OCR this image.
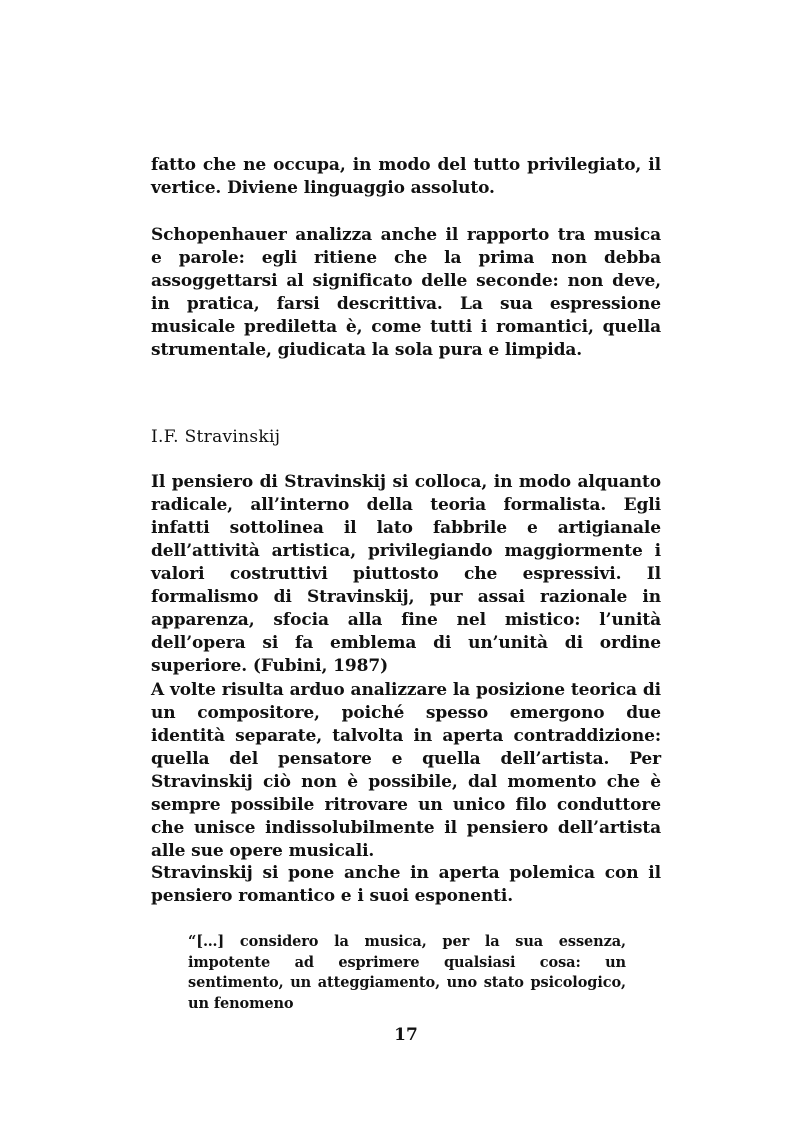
fatto che ne occupa, in modo del tutto privilegiato, il vertice. Diviene linguaggio assoluto.

Schopenhauer analizza anche il rapporto tra musica e parole: egli ritiene che la prima non debba assoggettarsi al significato delle seconde: non deve, in pratica, farsi descrittiva. La sua espressione musicale prediletta è, come tutti i romantici, quella strumentale, giudicata la sola pura e limpida.

I.F. Stravinskij

Il pensiero di Stravinskij si colloca, in modo alquanto radicale, all’interno della teoria formalista. Egli infatti sottolinea il lato fabbrile e artigianale dell’attività artistica, privilegiando maggiormente i valori costruttivi piuttosto che espressivi. Il formalismo di Stravinskij, pur assai razionale in apparenza, sfocia alla fine nel mistico: l’unità dell’opera si fa emblema di un’unità di ordine superiore. (Fubini, 1987)

A volte risulta arduo analizzare la posizione teorica di un compositore, poiché spesso emergono due identità separate, talvolta in aperta contraddizione: quella del pensatore e quella dell’artista. Per Stravinskij ciò non è possibile, dal momento che è sempre possibile ritrovare un unico filo conduttore che unisce indissolubilmente il pensiero dell’artista alle sue opere musicali.

Stravinskij si pone anche in aperta polemica con il pensiero romantico e i suoi esponenti.

“[…] considero la musica, per la sua essenza, impotente ad esprimere qualsiasi cosa: un sentimento, un atteggiamento, uno stato psicologico, un fenomeno

17
